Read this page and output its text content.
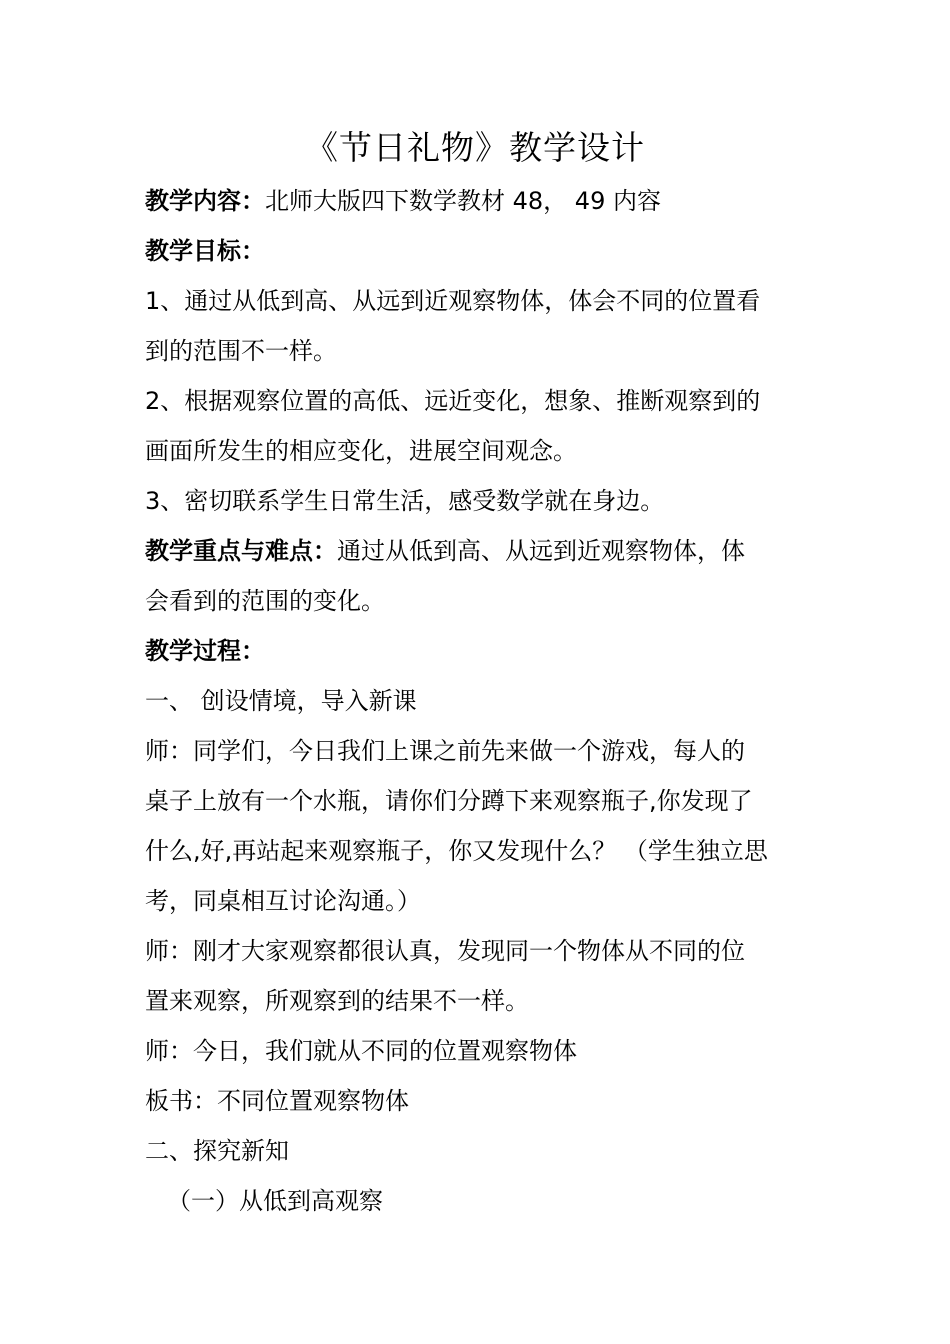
《节日礼物》教学设计
教学内容：北师大版四下数学教材 48， 49 内容
教学目标：
1、通过从低到高、从远到近观察物体，体会不同的位置看
到的范围不一样。
2、根据观察位置的高低、远近变化，想象、推断观察到的
画面所发生的相应变化，进展空间观念。
3、密切联系学生日常生活，感受数学就在身边。
教学重点与难点：通过从低到高、从远到近观察物体，体
会看到的范围的变化。
教学过程：
一、 创设情境，导入新课
师：同学们，今日我们上课之前先来做一个游戏，每人的
桌子上放有一个水瓶，请你们分蹲下来观察瓶子,你发现了
什么,好,再站起来观察瓶子，你又发现什么？ （学生独立思
考，同桌相互讨论沟通。）
师：刚才大家观察都很认真，发现同一个物体从不同的位
置来观察，所观察到的结果不一样。
师：今日，我们就从不同的位置观察物体
板书：不同位置观察物体
二、探究新知
（一）从低到高观察
